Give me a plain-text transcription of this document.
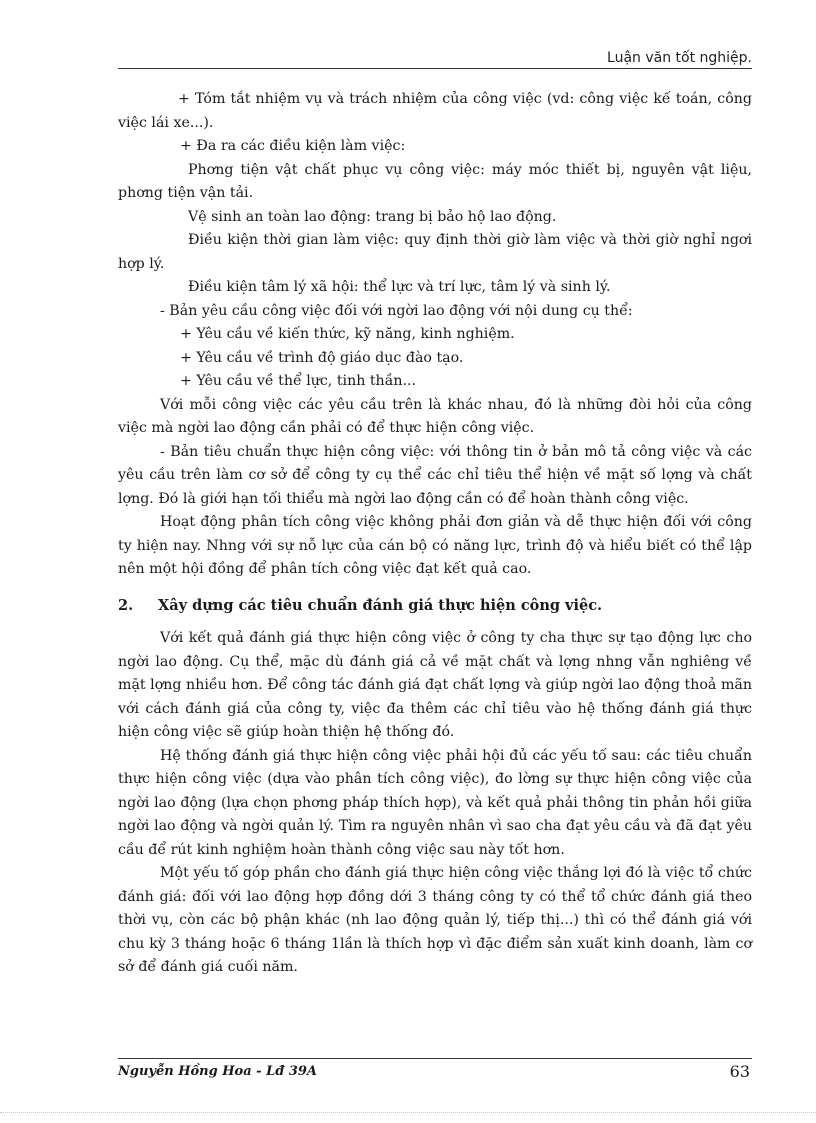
Luận văn tốt nghiệp.

+ Tóm tắt nhiệm vụ và trách nhiệm của công việc (vd: công việc kế toán, công việc lái xe...).

+ Đa ra các điều kiện làm việc:

Phơng tiện vật chất phục vụ công việc: máy móc thiết bị, nguyên vật liệu, phơng tiện vận tải.

Vệ sinh an toàn lao động: trang bị bảo hộ lao động.

Điều kiện thời gian làm việc: quy định thời giờ làm việc và thời giờ nghỉ ngơi hợp lý.

Điều kiện tâm lý xã hội: thể lực và trí lực, tâm lý và sinh lý.

- Bản yêu cầu công việc đối với ngời lao động với nội dung cụ thể:

+ Yêu cầu về kiến thức, kỹ năng, kinh nghiệm.

+ Yêu cầu về trình độ giáo dục đào tạo.

+ Yêu cầu về thể lực, tinh thần...

Với mỗi công việc các yêu cầu trên là khác nhau, đó là những đòi hỏi của công việc mà ngời lao động cần phải có để thực hiện công việc.

- Bản tiêu chuẩn thực hiện công việc: với thông tin ở bản mô tả công việc và các yêu cầu trên làm cơ sở để công ty cụ thể các chỉ tiêu thể hiện về mặt số lợng và chất lợng. Đó là giới hạn tối thiểu mà ngời lao động cần có để hoàn thành công việc.

Hoạt động phân tích công việc không phải đơn giản và dễ thực hiện đối với công ty hiện nay. Nhng với sự nỗ lực của cán bộ có năng lực, trình độ và hiểu biết có thể lập nên một hội đồng để phân tích công việc đạt kết quả cao.

2. Xây dựng các tiêu chuẩn đánh giá thực hiện công việc.

Với kết quả đánh giá thực hiện công việc ở công ty cha thực sự tạo động lực cho ngời lao động. Cụ thể, mặc dù đánh giá cả về mặt chất và lợng nhng vẫn nghiêng về mặt lợng nhiều hơn. Để công tác đánh giá đạt chất lợng và giúp ngời lao động thoả mãn với cách đánh giá của công ty, việc đa thêm các chỉ tiêu vào hệ thống đánh giá thực hiện công việc sẽ giúp hoàn thiện hệ thống đó.

Hệ thống đánh giá thực hiện công việc phải hội đủ các yếu tố sau: các tiêu chuẩn thực hiện công việc (dựa vào phân tích công việc), đo lờng sự thực hiện công việc của ngời lao động (lựa chọn phơng pháp thích hợp), và kết quả phải thông tin phản hồi giữa ngời lao động và ngời quản lý. Tìm ra nguyên nhân vì sao cha đạt yêu cầu và đã đạt yêu cầu để rút kinh nghiệm hoàn thành công việc sau này tốt hơn.

Một yếu tố góp phần cho đánh giá thực hiện công việc thắng lợi đó là việc tổ chức đánh giá: đối với lao động hợp đồng dới 3 tháng công ty có thể tổ chức đánh giá theo thời vụ, còn các bộ phận khác (nh lao động quản lý, tiếp thị...) thì có thể đánh giá với chu kỳ 3 tháng hoặc 6 tháng 1lần là thích hợp vì đặc điểm sản xuất kinh doanh, làm cơ sở để đánh giá cuối năm.

Nguyễn Hồng Hoa - Lđ 39A	63
